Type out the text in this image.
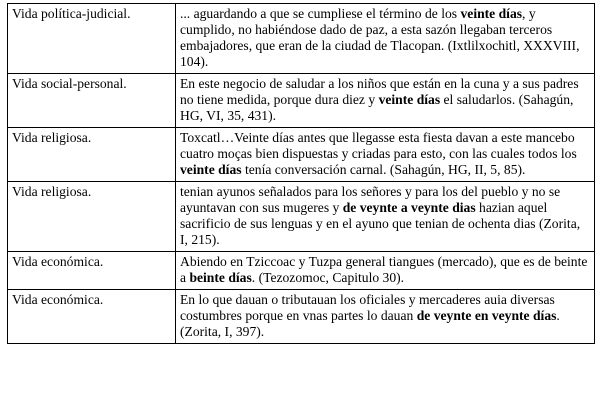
Vida política-judicial.	... aguardando a que se cumpliese el término de los veinte días, y cumplido, no habiéndose dado de paz, a esta sazón llegaban terceros embajadores, que eran de la ciudad de Tlacopan. (Ixtlilxochitl, XXXVIII, 104).
Vida social-personal.	En este negocio de saludar a los niños que están en la cuna y a sus padres no tiene medida, porque dura diez y veinte días el saludarlos. (Sahagún, HG, VI, 35, 431).
Vida religiosa.	Toxcatl…Veinte días antes que llegasse esta fiesta davan a este mancebo cuatro moças bien dispuestas y criadas para esto, con las cuales todos los veinte días tenía conversación carnal. (Sahagún, HG, II, 5, 85).
Vida religiosa.	tenian ayunos señalados para los señores y para los del pueblo y no se ayuntavan con sus mugeres y de veynte a veynte dias hazian aquel sacrificio de sus lenguas y en el ayuno que tenian de ochenta dias (Zorita, I, 215).
Vida económica.	Abiendo en Tziccoac y Tuzpa general tiangues (mercado), que es de beinte a beinte días. (Tezozomoc, Capitulo 30).
Vida económica.	En lo que dauan o tributauan los oficiales y mercaderes auia diversas costumbres porque en vnas partes lo dauan de veynte en veynte días. (Zorita, I, 397).
